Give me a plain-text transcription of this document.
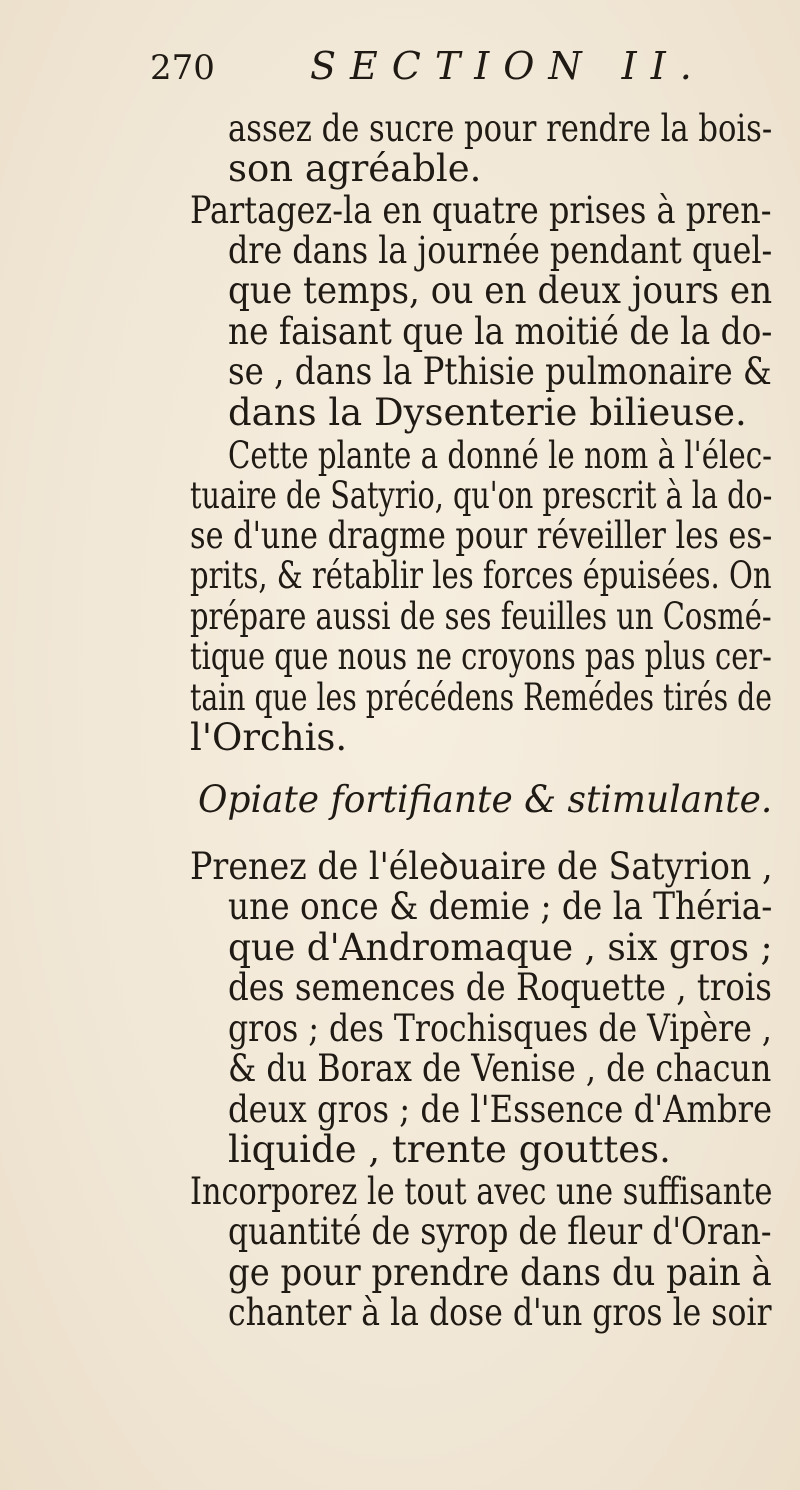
270	SECTION II.
assez de sucre pour rendre la bois-
son agréable.
Partagez-la en quatre prises à pren-
dre dans la journée pendant quel-
que temps, ou en deux jours en
ne faisant que la moitié de la do-
se , dans la Pthisie pulmonaire &
dans la Dysenterie bilieuse.
Cette plante a donné le nom à l'élec-
tuaire de Satyrio, qu'on prescrit à la do-
se d'une dragme pour réveiller les es-
prits, & rétablir les forces épuisées. On
prépare aussi de ses feuilles un Cosmé-
tique que nous ne croyons pas plus cer-
tain que les précédens Remédes tirés de
l'Orchis.
Opiate fortifiante & stimulante.
Prenez de l'éleꝺuaire de Satyrion ,
une once & demie ; de la Théria-
que d'Andromaque , six gros ;
des semences de Roquette , trois
gros ; des Trochisques de Vipère ,
& du Borax de Venise , de chacun
deux gros ; de l'Essence d'Ambre
liquide , trente gouttes.
Incorporez le tout avec une suffisante
quantité de syrop de fleur d'Oran-
ge pour prendre dans du pain à
chanter à la dose d'un gros le soir
